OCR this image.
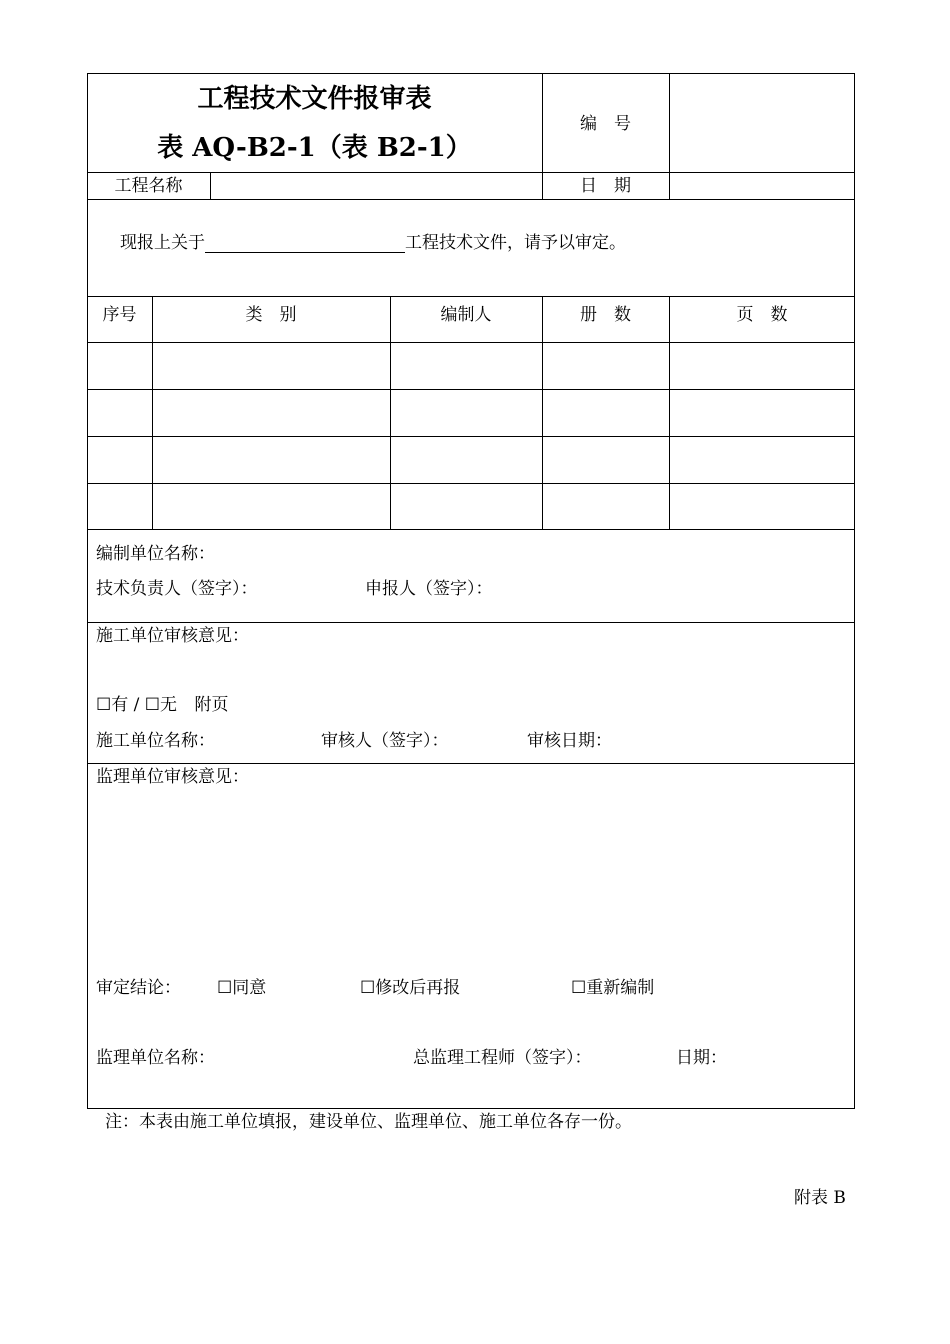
工程技术文件报审表
表 AQ-B2-1（表 B2-1）
编　号
工程名称	日　期
现报上关于	工程技术文件，请予以审定。
序号	类　别	编制人	册　数	页　数
编制单位名称：
技术负责人（签字）：	申报人（签字）：
施工单位审核意见：
☐有 / ☐无 附页
施工单位名称：	审核人（签字）：	审核日期：
监理单位审核意见：
审定结论： ☐同意	☐修改后再报	☐重新编制
监理单位名称：	总监理工程师（签字）：	日期：
注：本表由施工单位填报，建设单位、监理单位、施工单位各存一份。
附表 B
